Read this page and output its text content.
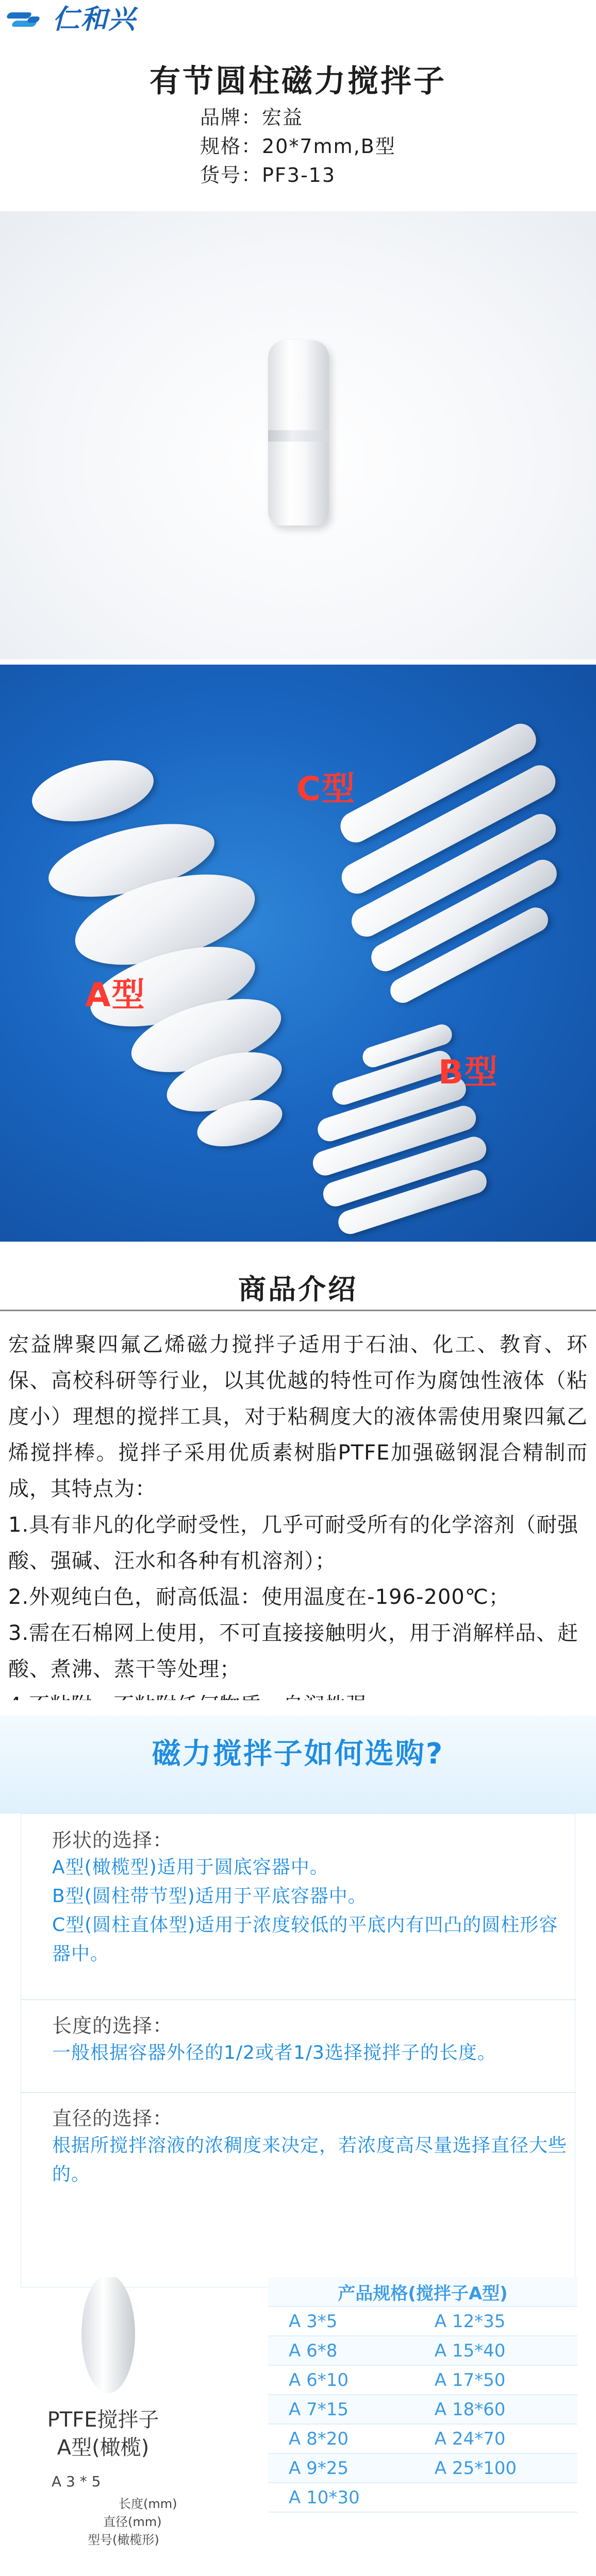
仁和兴
有节圆柱磁力搅拌子
品牌：宏益
规格：20*7mm,B型
货号：PF3-13
C型
A型
B型
商品介绍
宏益牌聚四氟乙烯磁力搅拌子适用于石油、化工、教育、环保、高校科研等行业，以其优越的特性可作为腐蚀性液体（粘度小）理想的搅拌工具，对于粘稠度大的液体需使用聚四氟乙烯搅拌棒。搅拌子采用优质素树脂PTFE加强磁钢混合精制而成，其特点为：
1.具有非凡的化学耐受性，几乎可耐受所有的化学溶剂（耐强酸、强碱、汪水和各种有机溶剂）；
2.外观纯白色，耐高低温：使用温度在-196-200℃；
3.需在石棉网上使用，不可直接接触明火，用于消解样品、赶酸、煮沸、蒸干等处理；
磁力搅拌子如何选购?
形状的选择：
A型(橄榄型)适用于圆底容器中。
B型(圆柱带节型)适用于平底容器中。
C型(圆柱直体型)适用于浓度较低的平底内有凹凸的圆柱形容器中。
长度的选择：
一般根据容器外径的1/2或者1/3选择搅拌子的长度。
直径的选择：
根据所搅拌溶液的浓稠度来决定，若浓度高尽量选择直径大些的。
PTFE搅拌子
A型(橄榄)
A 3 * 5
长度(mm)
直径(mm)
型号(橄榄形)
产品规格(搅拌子A型)	
A 3*5	A 12*35
A 6*8	A 15*40
A 6*10	A 17*50
A 7*15	A 18*60
A 8*20	A 24*70
A 9*25	A 25*100
A 10*30	
